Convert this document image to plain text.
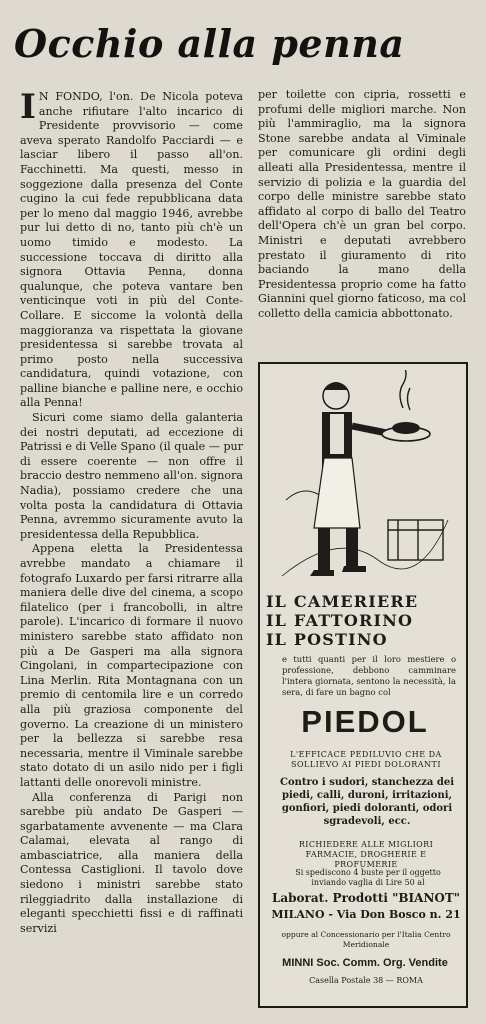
Occhio alla penna

I N FONDO, l'on. De Nicola poteva anche rifiutare l'alto incarico di Presidente provvisorio — come aveva sperato Randolfo Pacciardi — e lasciar libero il passo all'on. Facchinetti. Ma questi, messo in soggezione dalla presenza del Conte cugino la cui fede repubblicana data per lo meno dal maggio 1946, avrebbe pur lui detto di no, tanto più ch'è un uomo timido e modesto. La successione toccava di diritto alla signora Ottavia Penna, donna qualunque, che poteva vantare ben venticinque voti in più del Conte-Collare. E siccome la volontà della maggioranza va rispettata la giovane presidentessa si sarebbe trovata al primo posto nella successiva candidatura, quindi votazione, con palline bianche e palline nere, e occhio alla Penna!

Sicuri come siamo della galanteria dei nostri deputati, ad eccezione di Patrissi e di Velle Spano (il quale — pur di essere coerente — non offre il braccio destro nemmeno all'on. signora Nadia), possiamo credere che una volta posta la candidatura di Ottavia Penna, avremmo sicuramente avuto la presidentessa della Repubblica.

Appena eletta la Presidentessa avrebbe mandato a chiamare il fotografo Luxardo per farsi ritrarre alla maniera delle dive del cinema, a scopo filatelico (per i francobolli, in altre parole). L'incarico di formare il nuovo ministero sarebbe stato affidato non più a De Gasperi ma alla signora Cingolani, in compartecipazione con Lina Merlin. Rita Montagnana con un premio di centomila lire e un corredo alla più graziosa componente del governo. La creazione di un ministero per la bellezza si sarebbe resa necessaria, mentre il Viminale sarebbe stato dotato di un asilo nido per i figli lattanti delle onorevoli ministre.

Alla conferenza di Parigi non sarebbe più andato De Gasperi — sgarbatamente avvenente — ma Clara Calamai, elevata al rango di ambasciatrice, alla maniera della Contessa Castiglioni. Il tavolo dove siedono i ministri sarebbe stato rileggiadrito dalla installazione di eleganti specchietti fissi e di raffinati servizi

per toilette con cipria, rossetti e profumi delle migliori marche. Non più l'ammiraglio, ma la signora Stone sarebbe andata al Viminale per comunicare gli ordini degli alleati alla Presidentessa, mentre il servizio di polizia e la guardia del corpo delle ministre sarebbe stato affidato al corpo di ballo del Teatro dell'Opera ch'è un gran bel corpo. Ministri e deputati avrebbero prestato il giuramento di rito baciando la mano della Presidentessa proprio come ha fatto Giannini quel giorno faticoso, ma col colletto della camicia abbottonato.

IL CAMERIERE
IL FATTORINO
IL POSTINO
e tutti quanti per il loro mestiere o professione, debbono camminare l'intera giornata, sentono la necessità, la sera, di fare un bagno col
PIEDOL
L'EFFICACE PEDILUVIO CHE DA SOLLIEVO AI PIEDI DOLORANTI
Contro i sudori, stanchezza dei piedi, calli, duroni, irritazioni, gonfiori, piedi doloranti, odori sgradevoli, ecc.
RICHIEDERE ALLE MIGLIORI FARMACIE, DROGHERIE E PROFUMERIE
Si spediscono 4 buste per il oggetto inviando vaglia di Lire 50 al
Laborat. Prodotti "BIANOT"
MILANO - Via Don Bosco n. 21
oppure al Concessionario per l'Italia Centro Meridionale
MINNI Soc. Comm. Org. Vendite
Casella Postale 38 — ROMA
